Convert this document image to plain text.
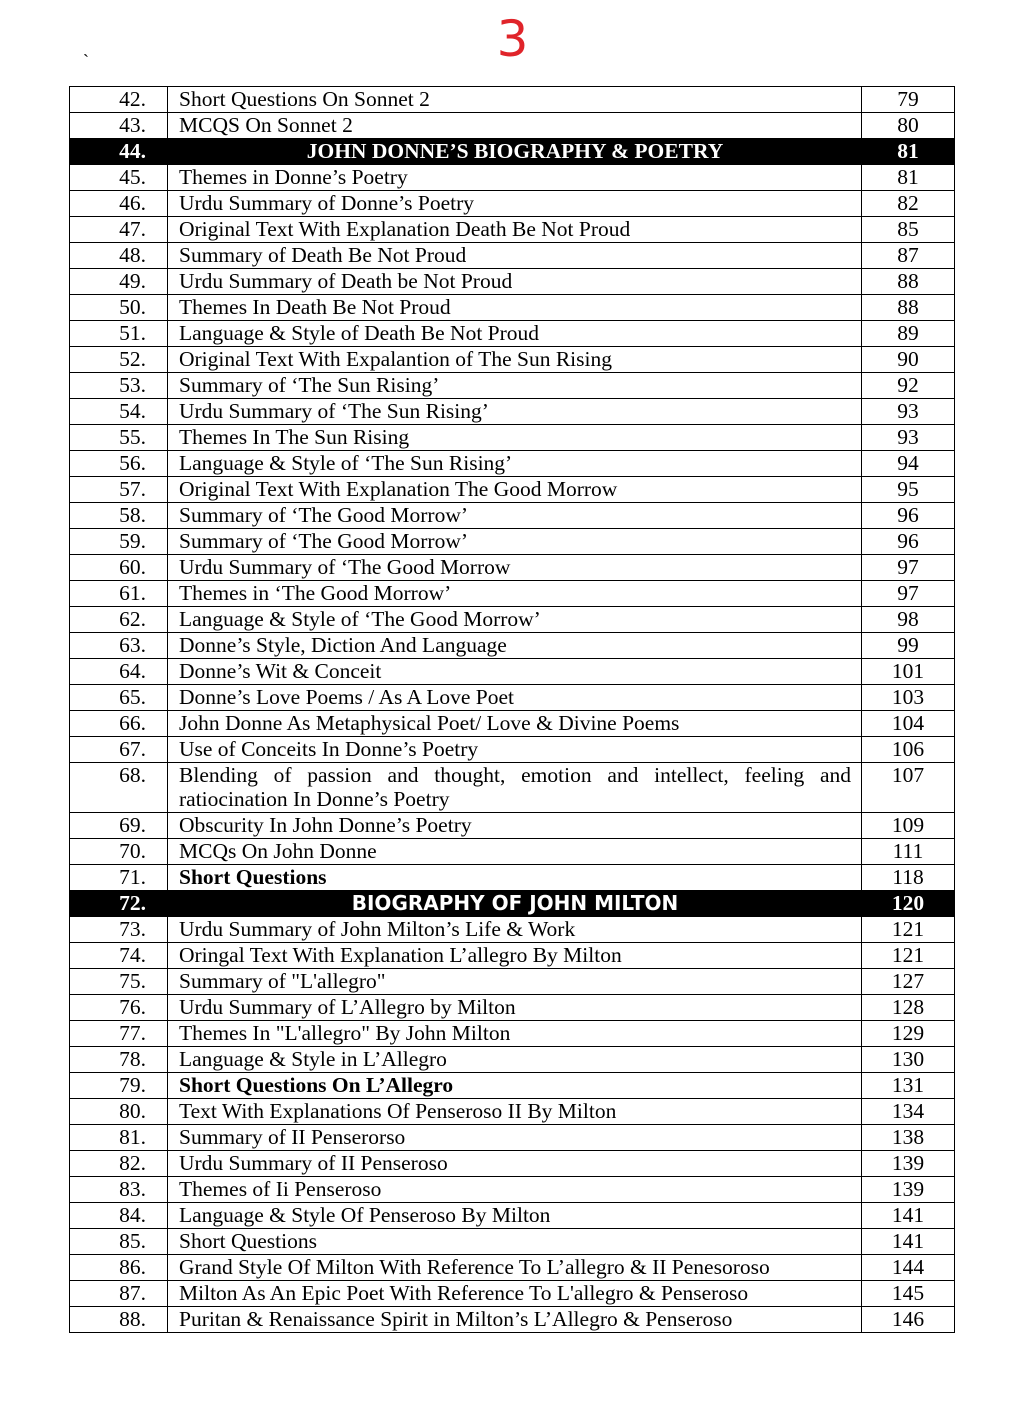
3
`
42.	Short Questions On Sonnet 2	79
43.	MCQS On Sonnet 2	80
44.	JOHN DONNE’S BIOGRAPHY & POETRY	81
45.	Themes in Donne’s Poetry	81
46.	Urdu Summary of Donne’s Poetry	82
47.	Original Text With Explanation Death Be Not Proud	85
48.	Summary of Death Be Not Proud	87
49.	Urdu Summary of Death be Not Proud	88
50.	Themes In Death Be Not Proud	88
51.	Language & Style of Death Be Not Proud	89
52.	Original Text With Expalantion of The Sun Rising	90
53.	Summary of ‘The Sun Rising’	92
54.	Urdu Summary of ‘The Sun Rising’	93
55.	Themes In The Sun Rising	93
56.	Language & Style of ‘The Sun Rising’	94
57.	Original Text With Explanation The Good Morrow	95
58.	Summary of ‘The Good Morrow’	96
59.	Summary of ‘The Good Morrow’	96
60.	Urdu Summary of ‘The Good Morrow	97
61.	Themes in ‘The Good Morrow’	97
62.	Language & Style of ‘The Good Morrow’	98
63.	Donne’s Style, Diction And Language	99
64.	Donne’s Wit & Conceit	101
65.	Donne’s Love Poems / As A Love Poet	103
66.	John Donne As Metaphysical Poet/ Love & Divine Poems	104
67.	Use of Conceits In Donne’s Poetry	106
68.	Blending of passion and thought, emotion and intellect, feeling and ratiocination In Donne’s Poetry	107
69.	Obscurity In John Donne’s Poetry	109
70.	MCQs On John Donne	111
71.	Short Questions	118
72.	BIOGRAPHY OF JOHN MILTON	120
73.	Urdu Summary of John Milton’s Life & Work	121
74.	Oringal Text With Explanation L’allegro By Milton	121
75.	Summary of "L'allegro"	127
76.	Urdu Summary of L’Allegro by Milton	128
77.	Themes In "L'allegro" By John Milton	129
78.	Language & Style in L’Allegro	130
79.	Short Questions On L’Allegro	131
80.	Text With Explanations Of Penseroso II By Milton	134
81.	Summary of II Penserorso	138
82.	Urdu Summary of II Penseroso	139
83.	Themes of Ii Penseroso	139
84.	Language & Style Of Penseroso By Milton	141
85.	Short Questions	141
86.	Grand Style Of Milton With Reference To L’allegro & II Penesoroso	144
87.	Milton As An Epic Poet With Reference To L'allegro & Penseroso	145
88.	Puritan & Renaissance Spirit in Milton’s L’Allegro & Penseroso	146
